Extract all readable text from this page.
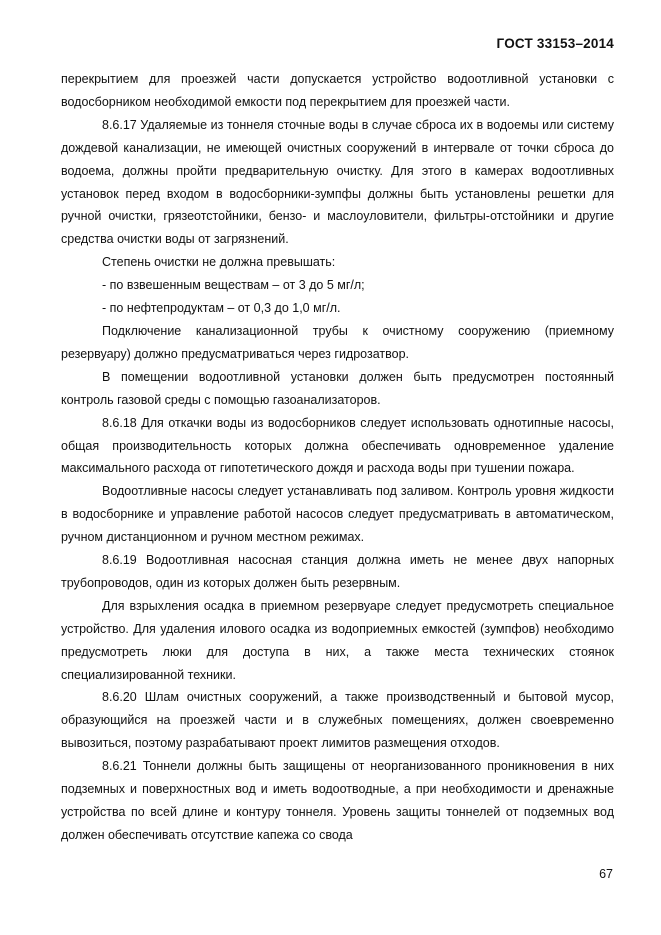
ГОСТ 33153–2014

перекрытием для проезжей части допускается устройство водоотливной установки с водосборником необходимой емкости под перекрытием для проезжей части.

8.6.17 Удаляемые из тоннеля сточные воды в случае сброса их в водоемы или систему дождевой канализации, не имеющей очистных сооружений в интервале от точки сброса до водоема, должны пройти предварительную очистку. Для этого в камерах водоотливных установок перед входом в водосборники-зумпфы должны быть установлены решетки для ручной очистки, грязеотстойники, бензо- и маслоуловители, фильтры-отстойники и другие средства очистки воды от загрязнений.

Степень очистки не должна превышать:

- по взвешенным веществам – от 3 до 5 мг/л;

- по нефтепродуктам – от 0,3 до 1,0 мг/л.

Подключение канализационной трубы к очистному сооружению (приемному резервуару) должно предусматриваться через гидрозатвор.

В помещении водоотливной установки должен быть предусмотрен постоянный контроль газовой среды с помощью газоанализаторов.

8.6.18 Для откачки воды из водосборников следует использовать однотипные насосы, общая производительность которых должна обеспечивать одновременное удаление максимального расхода от гипотетического дождя и расхода воды при тушении пожара.

Водоотливные насосы следует устанавливать под заливом. Контроль уровня жидкости в водосборнике и управление работой насосов следует предусматривать в автоматическом, ручном дистанционном и ручном местном режимах.

8.6.19 Водоотливная насосная станция должна иметь не менее двух напорных трубопроводов, один из которых должен быть резервным.

Для взрыхления осадка в приемном резервуаре следует предусмотреть специальное устройство. Для удаления илового осадка из водоприемных емкостей (зумпфов) необходимо предусмотреть люки для доступа в них, а также места технических стоянок специализированной техники.

8.6.20 Шлам очистных сооружений, а также производственный и бытовой мусор, образующийся на проезжей части и в служебных помещениях, должен своевременно вывозиться, поэтому разрабатывают проект лимитов размещения отходов.

8.6.21 Тоннели должны быть защищены от неорганизованного проникновения в них подземных и поверхностных вод и иметь водоотводные, а при необходимости и дренажные устройства по всей длине и контуру тоннеля. Уровень защиты тоннелей от подземных вод должен обеспечивать отсутствие капежа со свода

67
